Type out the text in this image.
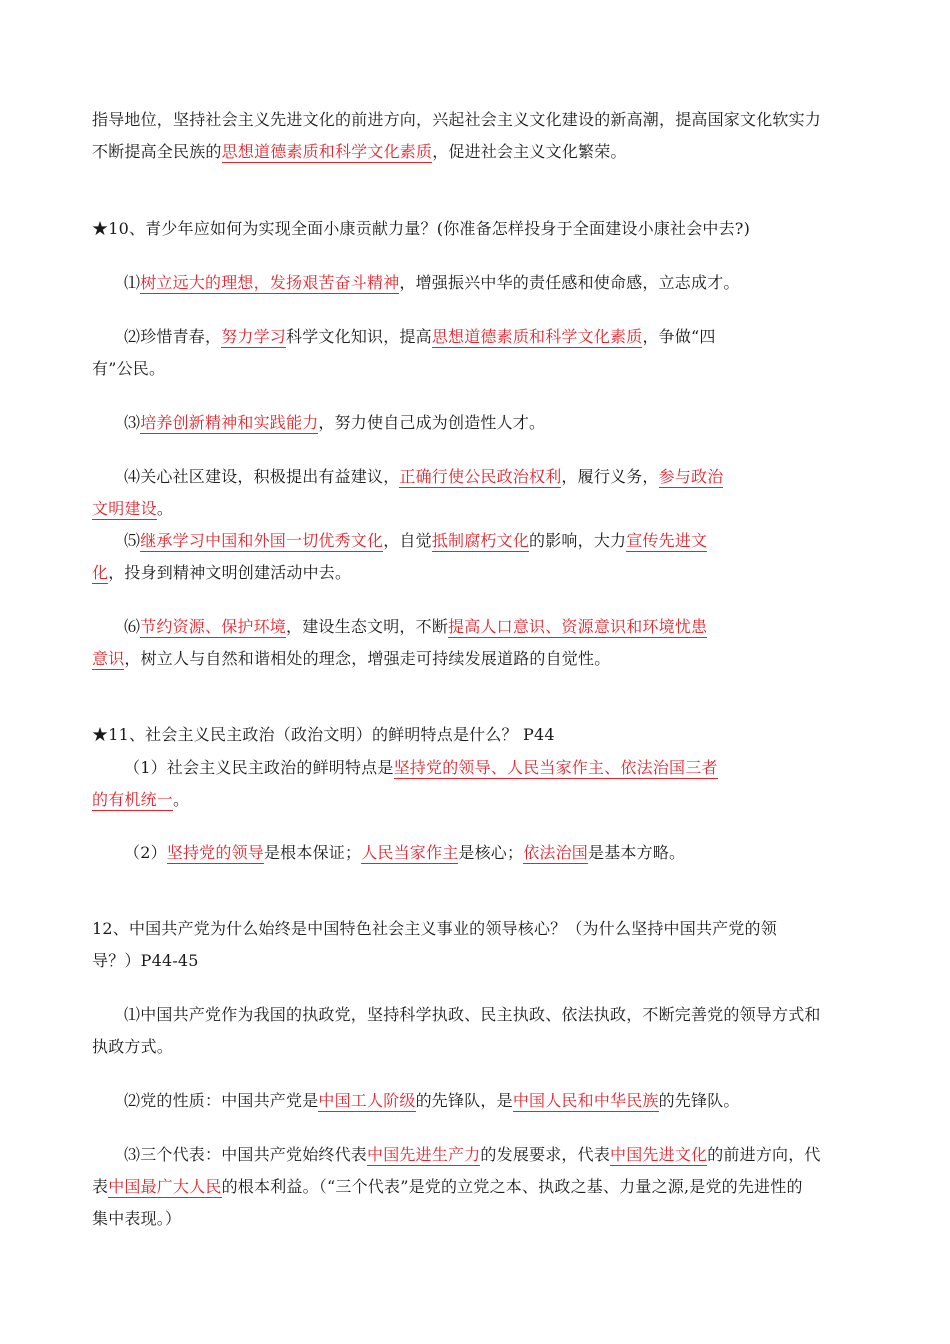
指导地位，坚持社会主义先进文化的前进方向，兴起社会主义文化建设的新高潮，提高国家文化软实力
不断提高全民族的思想道德素质和科学文化素质，促进社会主义文化繁荣。
★10、青少年应如何为实现全面小康贡献力量？(你准备怎样投身于全面建设小康社会中去?)
⑴树立远大的理想，发扬艰苦奋斗精神，增强振兴中华的责任感和使命感，立志成才。
⑵珍惜青春，努力学习科学文化知识，提高思想道德素质和科学文化素质，争做“四
有”公民。
⑶培养创新精神和实践能力，努力使自己成为创造性人才。
⑷关心社区建设，积极提出有益建议，正确行使公民政治权利，履行义务，参与政治
文明建设。
⑸继承学习中国和外国一切优秀文化，自觉抵制腐朽文化的影响，大力宣传先进文
化，投身到精神文明创建活动中去。
⑹节约资源、保护环境，建设生态文明，不断提高人口意识、资源意识和环境忧患
意识，树立人与自然和谐相处的理念，增强走可持续发展道路的自觉性。
★11、社会主义民主政治（政治文明）的鲜明特点是什么？ P44
（1）社会主义民主政治的鲜明特点是坚持党的领导、人民当家作主、依法治国三者
的有机统一。
（2）坚持党的领导是根本保证；人民当家作主是核心；依法治国是基本方略。
12、中国共产党为什么始终是中国特色社会主义事业的领导核心？（为什么坚持中国共产党的领
导？）P44-45
⑴中国共产党作为我国的执政党，坚持科学执政、民主执政、依法执政，不断完善党的领导方式和
执政方式。
⑵党的性质：中国共产党是中国工人阶级的先锋队，是中国人民和中华民族的先锋队。
⑶三个代表：中国共产党始终代表中国先进生产力的发展要求，代表中国先进文化的前进方向，代
表中国最广大人民的根本利益。（“三个代表”是党的立党之本、执政之基、力量之源,是党的先进性的
集中表现。）
